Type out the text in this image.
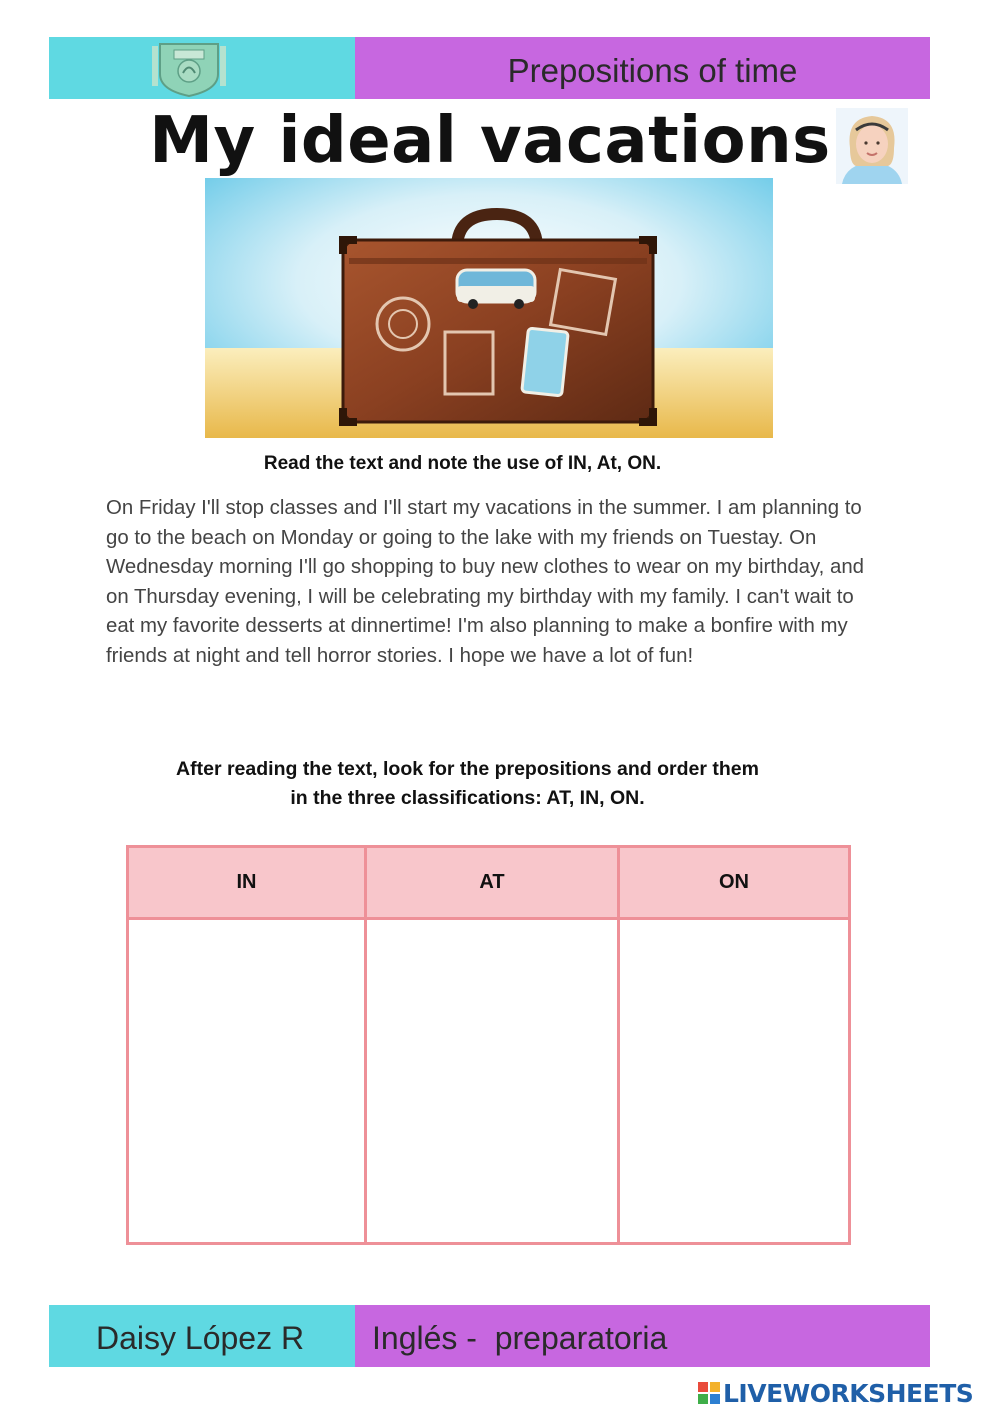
Prepositions of time
My ideal vacations
Read the text and note the use of IN, At, ON.

On Friday I'll stop classes and I'll start my vacations in the summer. I am planning to go to the beach on Monday or going to the lake with my friends on Tuestay. On Wednesday morning I'll go shopping to buy new clothes to wear on my birthday, and on Thursday evening, I will be celebrating my birthday with my family. I can't wait to eat my favorite desserts at dinnertime! I'm also planning to make a bonfire with my friends at night and tell horror stories. I hope we have a lot of fun!

After reading the text, look for the prepositions and order them
in the three classifications: AT, IN, ON.
IN	AT	ON
Daisy López R Inglés -  preparatoria
LIVEWORKSHEETS
